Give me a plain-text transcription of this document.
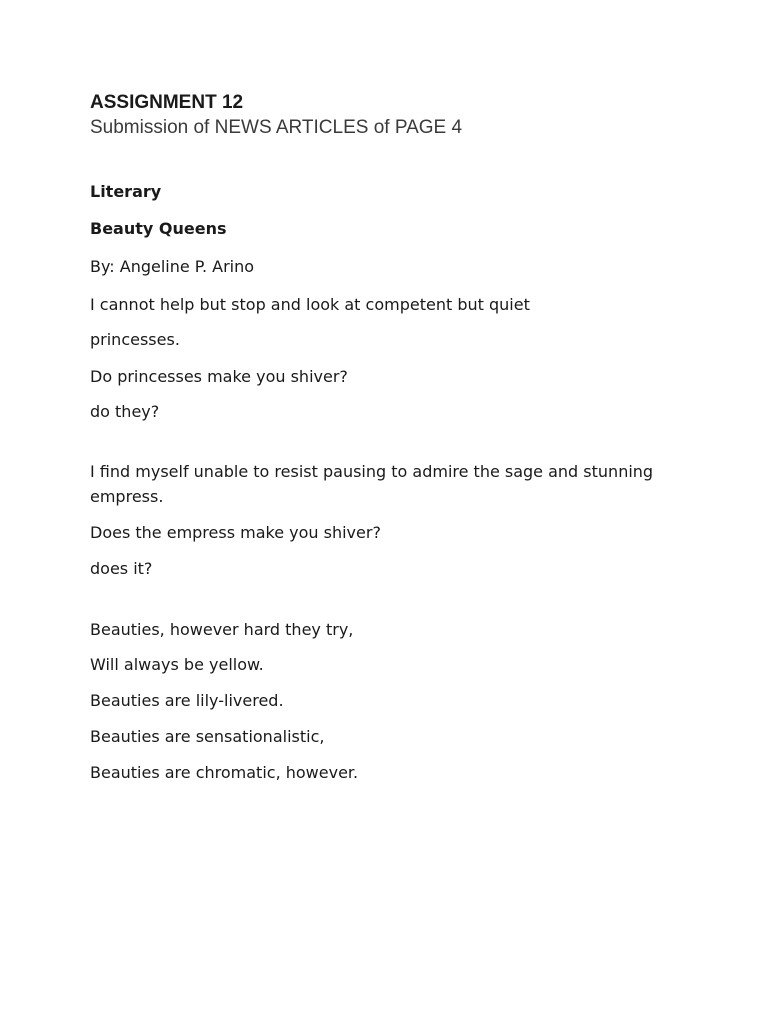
ASSIGNMENT 12
Submission of NEWS ARTICLES of PAGE 4
Literary
Beauty Queens
By: Angeline P. Arino
I cannot help but stop and look at competent but quiet
princesses.
Do princesses make you shiver?
do they?
I find myself unable to resist pausing to admire the sage and stunning
empress.
Does the empress make you shiver?
does it?
Beauties, however hard they try,
Will always be yellow.
Beauties are lily-livered.
Beauties are sensationalistic,
Beauties are chromatic, however.
